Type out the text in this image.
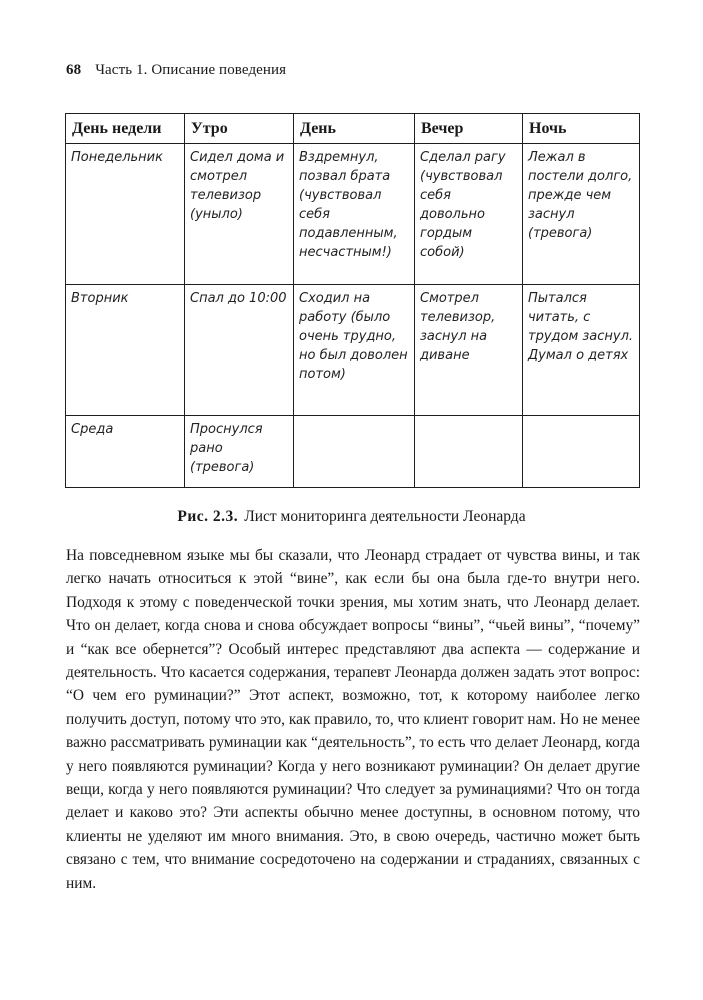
68 Часть 1. Описание поведения
День недели	Утро	День	Вечер	Ночь
Понедельник	Сидел дома и смотрел телевизор (уныло)	Вздремнул, позвал брата (чувствовал себя подавленным, несчастным!)	Сделал рагу (чувствовал себя довольно гордым собой)	Лежал в постели долго, прежде чем заснул (тревога)
Вторник	Спал до 10:00	Сходил на работу (было очень трудно, но был доволен потом)	Смотрел телевизор, заснул на диване	Пытался читать, с трудом заснул. Думал о детях
Среда	Проснулся рано (тревога)			
Рис. 2.3. Лист мониторинга деятельности Леонарда

На повседневном языке мы бы сказали, что Леонард страдает от чувства вины, и так легко начать относиться к этой “вине”, как если бы она была где-то внутри него. Подходя к этому с поведенческой точки зрения, мы хотим знать, что Леонард делает. Что он делает, когда снова и снова обсуждает вопросы “вины”, “чьей вины”, “почему” и “как все обернется”? Особый интерес представляют два аспекта — содержание и деятельность. Что касается содержания, терапевт Леонарда должен задать этот вопрос: “О чем его руминации?” Этот аспект, возможно, тот, к которому наиболее легко получить доступ, потому что это, как правило, то, что клиент говорит нам. Но не менее важно рассматривать руминации как “деятельность”, то есть что делает Леонард, когда у него появляются руминации? Когда у него возникают руминации? Он делает другие вещи, когда у него появляются руминации? Что следует за руминациями? Что он тогда делает и каково это? Эти аспекты обычно менее доступны, в основном потому, что клиенты не уделяют им много внимания. Это, в свою очередь, частично может быть связано с тем, что внимание сосредоточено на содержании и страданиях, связанных с ним.
